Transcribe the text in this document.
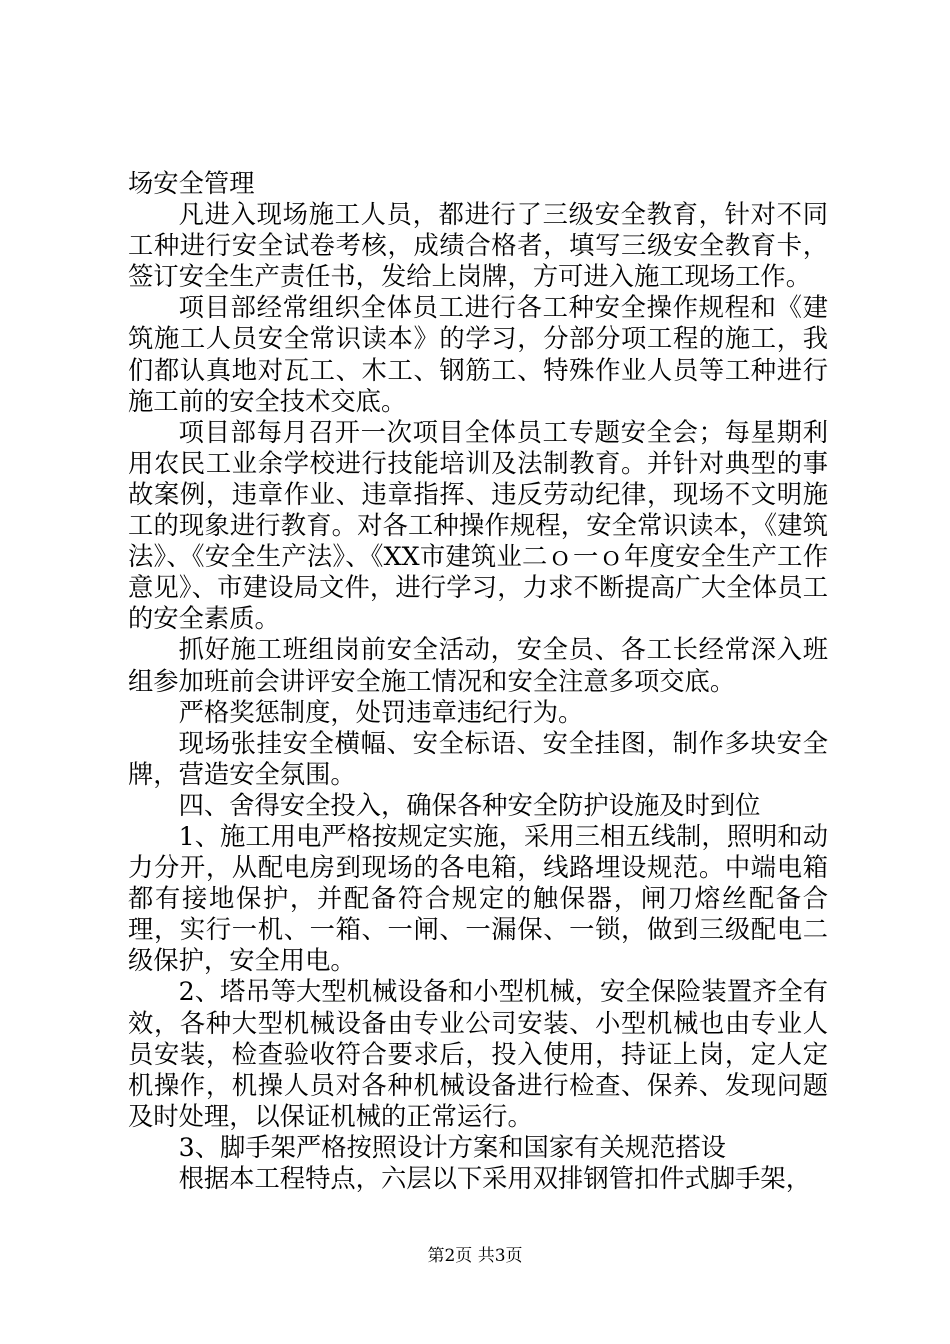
场安全管理

凡进入现场施工人员，都进行了三级安全教育，针对不同工种进行安全试卷考核，成绩合格者，填写三级安全教育卡，签订安全生产责任书，发给上岗牌，方可进入施工现场工作。

项目部经常组织全体员工进行各工种安全操作规程和《建筑施工人员安全常识读本》的学习，分部分项工程的施工，我们都认真地对瓦工、木工、钢筋工、特殊作业人员等工种进行施工前的安全技术交底。

项目部每月召开一次项目全体员工专题安全会；每星期利用农民工业余学校进行技能培训及法制教育。并针对典型的事故案例，违章作业、违章指挥、违反劳动纪律，现场不文明施工的现象进行教育。对各工种操作规程，安全常识读本，《建筑法》、《安全生产法》、《XX市建筑业二ｏ一ｏ年度安全生产工作意见》、市建设局文件，进行学习，力求不断提高广大全体员工的安全素质。

抓好施工班组岗前安全活动，安全员、各工长经常深入班组参加班前会讲评安全施工情况和安全注意多项交底。

严格奖惩制度，处罚违章违纪行为。

现场张挂安全横幅、安全标语、安全挂图，制作多块安全牌，营造安全氛围。

四、舍得安全投入，确保各种安全防护设施及时到位

1、施工用电严格按规定实施，采用三相五线制，照明和动力分开，从配电房到现场的各电箱，线路埋设规范。中端电箱都有接地保护，并配备符合规定的触保器，闸刀熔丝配备合理，实行一机、一箱、一闸、一漏保、一锁，做到三级配电二级保护，安全用电。

2、塔吊等大型机械设备和小型机械，安全保险装置齐全有效，各种大型机械设备由专业公司安装、小型机械也由专业人员安装，检查验收符合要求后，投入使用，持证上岗，定人定机操作，机操人员对各种机械设备进行检查、保养、发现问题及时处理，以保证机械的正常运行。

3、脚手架严格按照设计方案和国家有关规范搭设

根据本工程特点，六层以下采用双排钢管扣件式脚手架，

第2页 共3页
